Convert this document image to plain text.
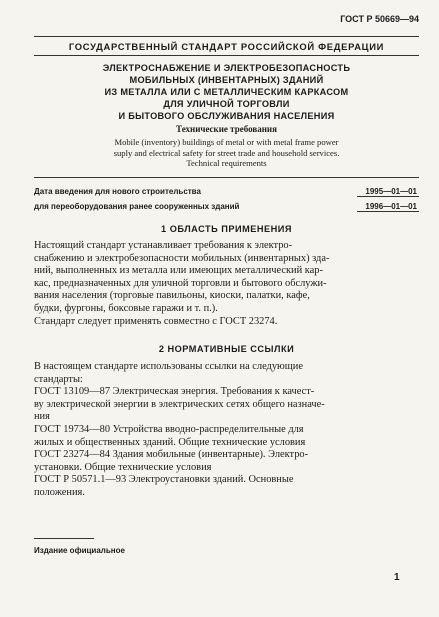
ГОСТ Р 50669—94
ГОСУДАРСТВЕННЫЙ СТАНДАРТ РОССИЙСКОЙ ФЕДЕРАЦИИ
ЭЛЕКТРОСНАБЖЕНИЕ И ЭЛЕКТРОБЕЗОПАСНОСТЬ
МОБИЛЬНЫХ (ИНВЕНТАРНЫХ) ЗДАНИЙ
ИЗ МЕТАЛЛА ИЛИ С МЕТАЛЛИЧЕСКИМ КАРКАСОМ
ДЛЯ УЛИЧНОЙ ТОРГОВЛИ
И БЫТОВОГО ОБСЛУЖИВАНИЯ НАСЕЛЕНИЯ
Технические требования
Mobile (inventory) buildings of metal or with metal frame power
suply and electrical safety for street trade and household services.
Technical requirements
Дата введения для нового строительства	1995—01—01
для переоборудования ранее сооруженных зданий	1996—01—01
1 ОБЛАСТЬ ПРИМЕНЕНИЯ
Настоящий стандарт устанавливает требования к электро-
снабжению и электробезопасности мобильных (инвентарных) зда-
ний, выполненных из металла или имеющих металлический кар-
кас, предназначенных для уличной торговли и бытового обслужи-
вания населения (торговые павильоны, киоски, палатки, кафе,
будки, фургоны, боксовые гаражи и т. п.).
Стандарт следует применять совместно с ГОСТ 23274.
2 НОРМАТИВНЫЕ ССЫЛКИ
В настоящем стандарте использованы ссылки на следующие
стандарты:
ГОСТ 13109—87 Электрическая энергия. Требования к качест-
ву электрической энергии в электрических сетях общего назначе-
ния
ГОСТ 19734—80 Устройства вводно-распределительные для
жилых и общественных зданий. Общие технические условия
ГОСТ 23274—84 Здания мобильные (инвентарные). Электро-
установки. Общие технические условия
ГОСТ Р 50571.1—93 Электроустановки зданий. Основные
положения.
Издание официальное
1
